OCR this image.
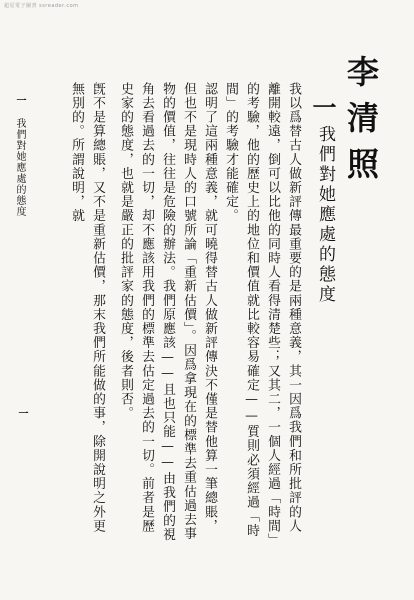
超星電子圖書 ssreader.com
李清照
一
我們對她應處的態度

我以爲替古人做新評傳最重要的是兩種意義，其一因爲我們和所批評的人離開較遠，倒可以比他的同時人看得清楚些；又其二，一個人經過「時間」的考驗，他的歷史上的地位和價值就比較容易確定——質則必須經過「時間」的考驗才能確定。

認明了這兩種意義，就可曉得替古人做新評傳決不僅是替他算一筆總賬，但也不是現時人的口號所論「重新估價」。因爲拿現在的標準去重估過去事物的價值，往往是危險的辦法。我們原應該——且也只能——由我們的視角去看過去的一切，却不應該用我們的標準去估定過去的一切。前者是歷史家的態度，也就是嚴正的批評家的態度，後者則否。

旣不是算總賬，又不是重新估價，那末我們所能做的事，除開說明之外更無別的。所謂說明，就

一 我們對她應處的態度
一
